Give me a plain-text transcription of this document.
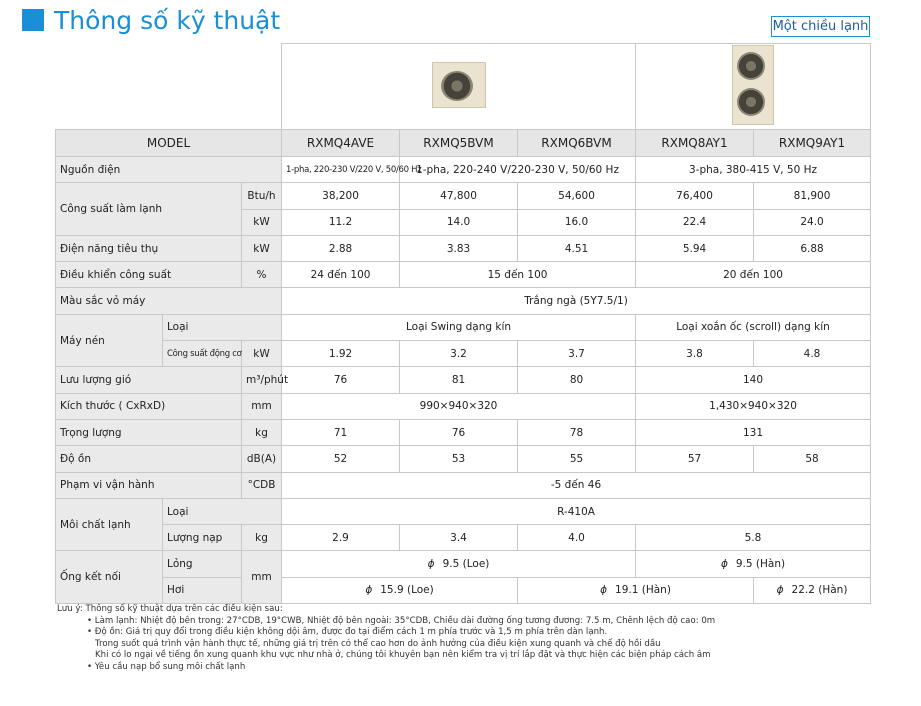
Thông số kỹ thuật	Một chiều lạnh

MODEL			RXMQ4AVE	RXMQ5BVM	RXMQ6BVM	RXMQ8AY1	RXMQ9AY1
Nguồn điện			1-pha, 220-230 V/220 V, 50/60 Hz	1-pha, 220-240 V/220-230 V, 50/60 Hz		3-pha, 380-415 V, 50 Hz	
Công suất làm lạnh		Btu/h	38,200	47,800	54,600	76,400	81,900
		kW	11.2	14.0	16.0	22.4	24.0
Điện năng tiêu thụ		kW	2.88	3.83	4.51	5.94	6.88
Điều khiển công suất		%	24 đến 100	15 đến 100		20 đến 100	
Màu sắc vỏ máy			Trắng ngà (5Y7.5/1)				
Máy nén	Loại		Loại Swing dạng kín			Loại xoắn ốc (scroll) dạng kín	
	Công suất động cơ	kW	1.92	3.2	3.7	3.8	4.8
Lưu lượng gió		m³/phút	76	81	80	140	
Kích thước ( CxRxD)		mm	990×940×320			1,430×940×320	
Trọng lượng		kg	71	76	78	131	
Độ ồn		dB(A)	52	53	55	57	58
Phạm vi vận hành		°CDB	-5 đến 46				
Môi chất lạnh	Loại		R-410A				
	Lượng nạp	kg	2.9	3.4	4.0	5.8	
Ống kết nối	Lỏng	mm	ϕ 9.5 (Loe)			ϕ 9.5 (Hàn)	
	Hơi		ϕ 15.9 (Loe)		ϕ 19.1 (Hàn)		ϕ 22.2 (Hàn)
Lưu ý: Thông số kỹ thuật dựa trên các điều kiện sau:
• Làm lạnh: Nhiệt độ bên trong: 27°CDB, 19°CWB, Nhiệt độ bên ngoài: 35°CDB, Chiều dài đường ống tương đương: 7.5 m, Chênh lệch độ cao: 0m
• Độ ồn: Giá trị quy đổi trong điều kiện không dội âm, được đo tại điểm cách 1 m phía trước và 1,5 m phía trên dàn lạnh.
Trong suốt quá trình vận hành thực tế, những giá trị trên có thể cao hơn do ảnh hưởng của điều kiện xung quanh và chế độ hồi dầu
Khi có lo ngại về tiếng ồn xung quanh khu vực như nhà ở, chúng tôi khuyên bạn nên kiểm tra vị trí lắp đặt và thực hiện các biện pháp cách âm
• Yêu cầu nạp bổ sung môi chất lạnh
